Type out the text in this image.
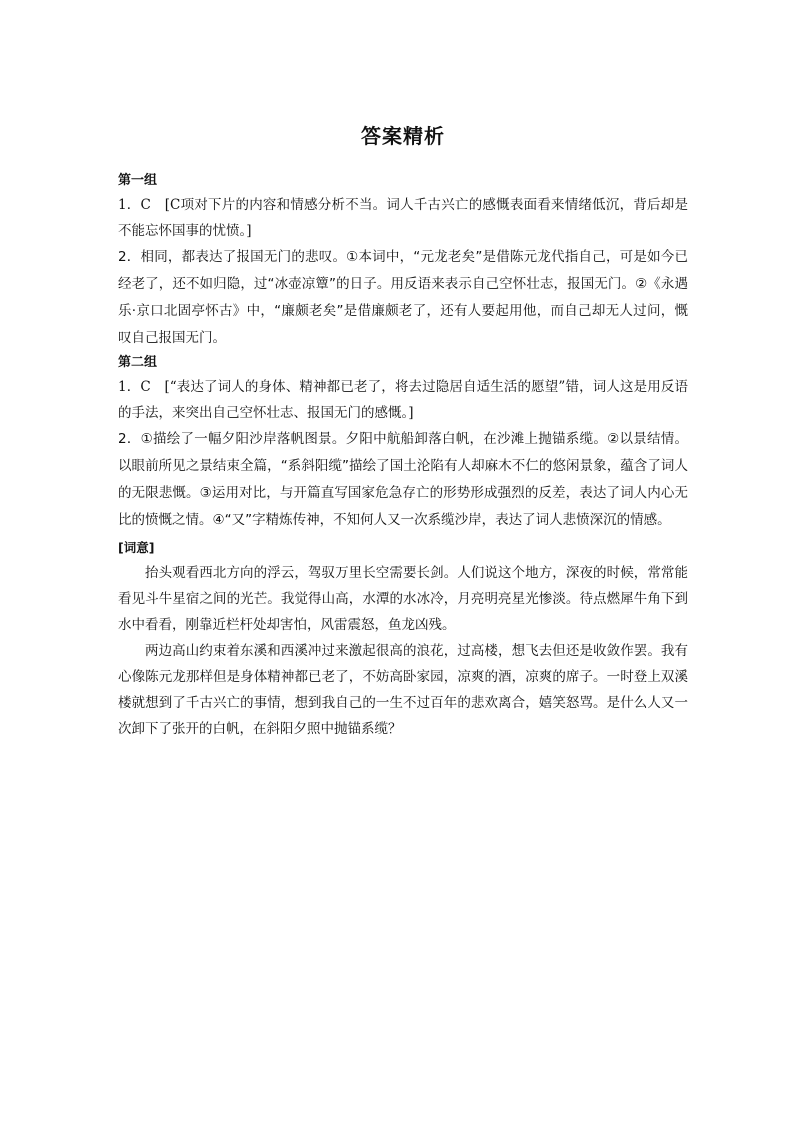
答案精析

第一组

1．C　[C项对下片的内容和情感分析不当。词人千古兴亡的感慨表面看来情绪低沉，背后却是不能忘怀国事的忧愤。]

2．相同，都表达了报国无门的悲叹。①本词中，“元龙老矣”是借陈元龙代指自己，可是如今已经老了，还不如归隐，过“冰壶凉簟”的日子。用反语来表示自己空怀壮志，报国无门。②《永遇乐·京口北固亭怀古》中，“廉颇老矣”是借廉颇老了，还有人要起用他，而自己却无人过问，慨叹自己报国无门。

第二组

1．C　[“表达了词人的身体、精神都已老了，将去过隐居自适生活的愿望”错，词人这是用反语的手法，来突出自己空怀壮志、报国无门的感慨。]

2．①描绘了一幅夕阳沙岸落帆图景。夕阳中航船卸落白帆，在沙滩上抛锚系缆。②以景结情。以眼前所见之景结束全篇，“系斜阳缆”描绘了国土沦陷有人却麻木不仁的悠闲景象，蕴含了词人的无限悲慨。③运用对比，与开篇直写国家危急存亡的形势形成强烈的反差，表达了词人内心无比的愤慨之情。④“又”字精炼传神，不知何人又一次系缆沙岸，表达了词人悲愤深沉的情感。

[词意]

抬头观看西北方向的浮云，驾驭万里长空需要长剑。人们说这个地方，深夜的时候，常常能看见斗牛星宿之间的光芒。我觉得山高，水潭的水冰冷，月亮明亮星光惨淡。待点燃犀牛角下到水中看看，刚靠近栏杆处却害怕，风雷震怒，鱼龙凶残。

两边高山约束着东溪和西溪冲过来激起很高的浪花，过高楼，想飞去但还是收敛作罢。我有心像陈元龙那样但是身体精神都已老了，不妨高卧家园，凉爽的酒，凉爽的席子。一时登上双溪楼就想到了千古兴亡的事情，想到我自己的一生不过百年的悲欢离合，嬉笑怒骂。是什么人又一次卸下了张开的白帆，在斜阳夕照中抛锚系缆？
